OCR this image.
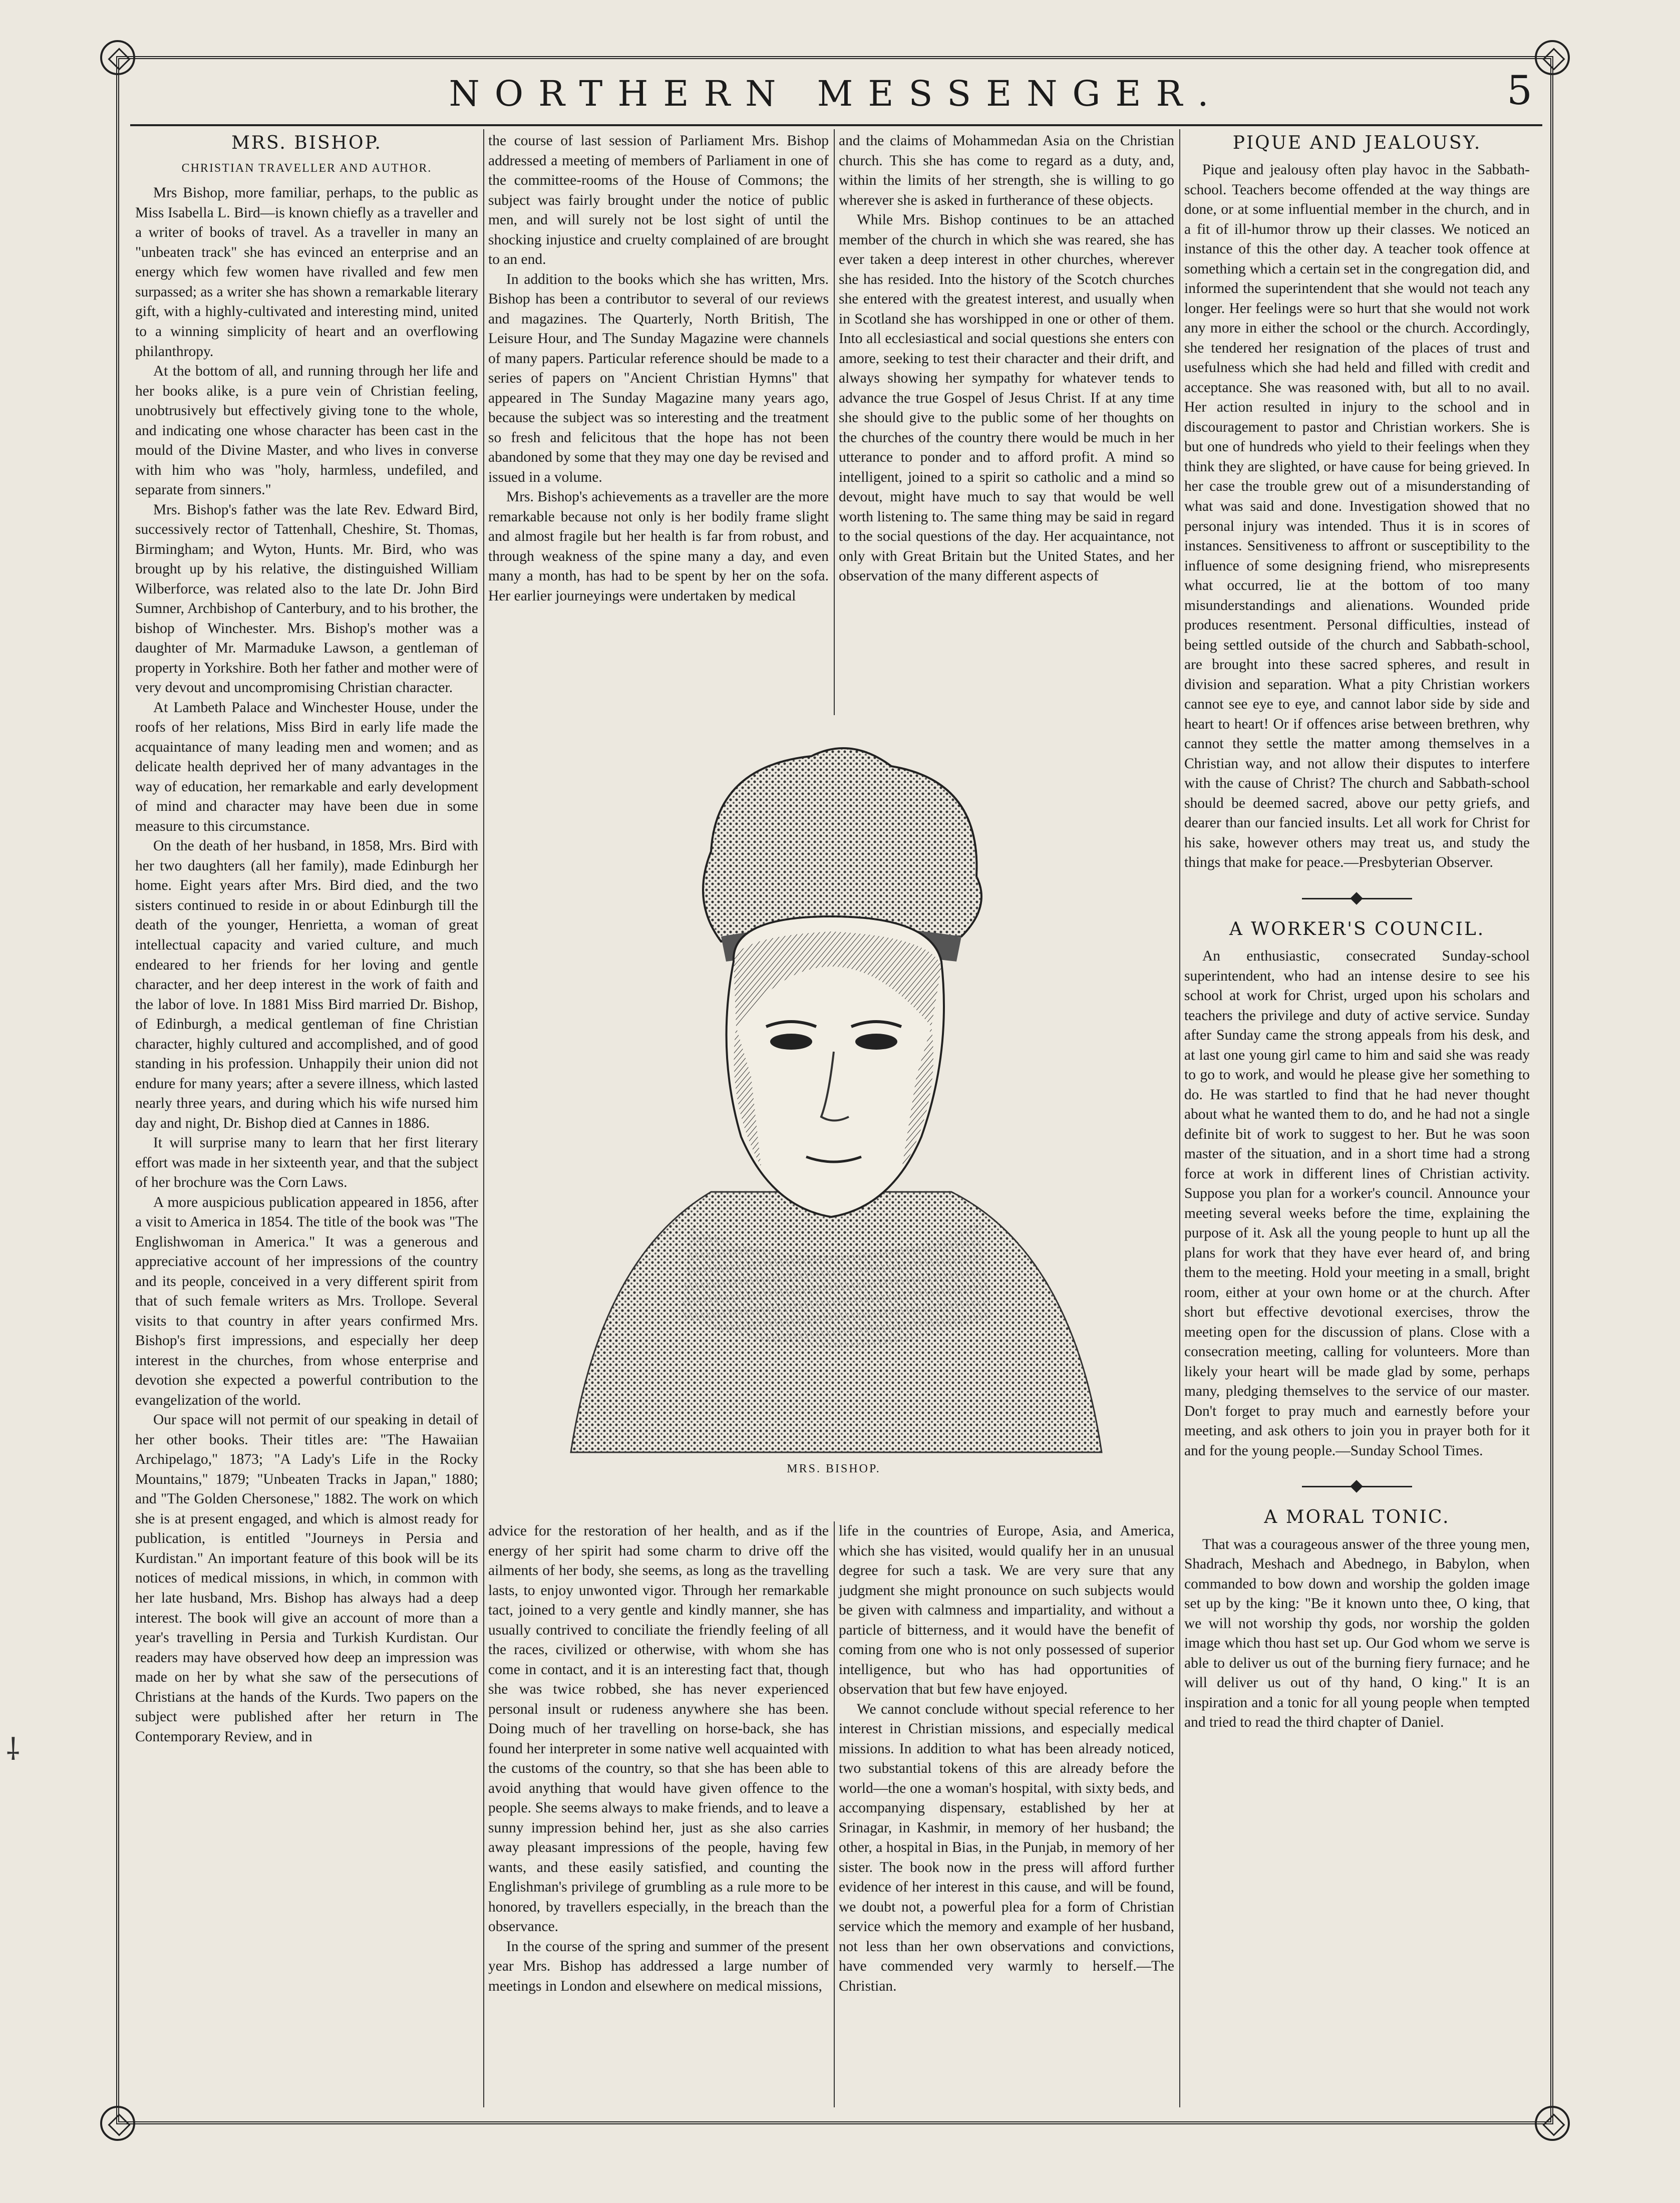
NORTHERN MESSENGER.	5
MRS. BISHOP.

CHRISTIAN TRAVELLER AND AUTHOR.

Mrs Bishop, more familiar, perhaps, to the public as Miss Isabella L. Bird—is known chiefly as a traveller and a writer of books of travel. As a traveller in many an "unbeaten track" she has evinced an enterprise and an energy which few women have rivalled and few men surpassed; as a writer she has shown a remarkable literary gift, with a highly-cultivated and interesting mind, united to a winning simplicity of heart and an overflowing philanthropy.

At the bottom of all, and running through her life and her books alike, is a pure vein of Christian feeling, unobtrusively but effectively giving tone to the whole, and indicating one whose character has been cast in the mould of the Divine Master, and who lives in converse with him who was "holy, harmless, undefiled, and separate from sinners."

Mrs. Bishop's father was the late Rev. Edward Bird, successively rector of Tattenhall, Cheshire, St. Thomas, Birmingham; and Wyton, Hunts. Mr. Bird, who was brought up by his relative, the distinguished William Wilberforce, was related also to the late Dr. John Bird Sumner, Archbishop of Canterbury, and to his brother, the bishop of Winchester. Mrs. Bishop's mother was a daughter of Mr. Marmaduke Lawson, a gentleman of property in Yorkshire. Both her father and mother were of very devout and uncompromising Christian character.

At Lambeth Palace and Winchester House, under the roofs of her relations, Miss Bird in early life made the acquaintance of many leading men and women; and as delicate health deprived her of many advantages in the way of education, her remarkable and early development of mind and character may have been due in some measure to this circumstance.

On the death of her husband, in 1858, Mrs. Bird with her two daughters (all her family), made Edinburgh her home. Eight years after Mrs. Bird died, and the two sisters continued to reside in or about Edinburgh till the death of the younger, Henrietta, a woman of great intellectual capacity and varied culture, and much endeared to her friends for her loving and gentle character, and her deep interest in the work of faith and the labor of love. In 1881 Miss Bird married Dr. Bishop, of Edinburgh, a medical gentleman of fine Christian character, highly cultured and accomplished, and of good standing in his profession. Unhappily their union did not endure for many years; after a severe illness, which lasted nearly three years, and during which his wife nursed him day and night, Dr. Bishop died at Cannes in 1886.

It will surprise many to learn that her first literary effort was made in her sixteenth year, and that the subject of her brochure was the Corn Laws.

A more auspicious publication appeared in 1856, after a visit to America in 1854. The title of the book was "The Englishwoman in America." It was a generous and appreciative account of her impressions of the country and its people, conceived in a very different spirit from that of such female writers as Mrs. Trollope. Several visits to that country in after years confirmed Mrs. Bishop's first impressions, and especially her deep interest in the churches, from whose enterprise and devotion she expected a powerful contribution to the evangelization of the world.

Our space will not permit of our speaking in detail of her other books. Their titles are: "The Hawaiian Archipelago," 1873; "A Lady's Life in the Rocky Mountains," 1879; "Unbeaten Tracks in Japan," 1880; and "The Golden Chersonese," 1882. The work on which she is at present engaged, and which is almost ready for publication, is entitled "Journeys in Persia and Kurdistan." An important feature of this book will be its notices of medical missions, in which, in common with her late husband, Mrs. Bishop has always had a deep interest. The book will give an account of more than a year's travelling in Persia and Turkish Kurdistan. Our readers may have observed how deep an impression was made on her by what she saw of the persecutions of Christians at the hands of the Kurds. Two papers on the subject were published after her return in The Contemporary Review, and in

the course of last session of Parliament Mrs. Bishop addressed a meeting of members of Parliament in one of the committee-rooms of the House of Commons; the subject was fairly brought under the notice of public men, and will surely not be lost sight of until the shocking injustice and cruelty complained of are brought to an end.

In addition to the books which she has written, Mrs. Bishop has been a contributor to several of our reviews and magazines. The Quarterly, North British, The Leisure Hour, and The Sunday Magazine were channels of many papers. Particular reference should be made to a series of papers on "Ancient Christian Hymns" that appeared in The Sunday Magazine many years ago, because the subject was so interesting and the treatment so fresh and felicitous that the hope has not been abandoned by some that they may one day be revised and issued in a volume.

Mrs. Bishop's achievements as a traveller are the more remarkable because not only is her bodily frame slight and almost fragile but her health is far from robust, and through weakness of the spine many a day, and even many a month, has had to be spent by her on the sofa. Her earlier journeyings were undertaken by medical

and the claims of Mohammedan Asia on the Christian church. This she has come to regard as a duty, and, within the limits of her strength, she is willing to go wherever she is asked in furtherance of these objects.

While Mrs. Bishop continues to be an attached member of the church in which she was reared, she has ever taken a deep interest in other churches, wherever she has resided. Into the history of the Scotch churches she entered with the greatest interest, and usually when in Scotland she has worshipped in one or other of them. Into all ecclesiastical and social questions she enters con amore, seeking to test their character and their drift, and always showing her sympathy for whatever tends to advance the true Gospel of Jesus Christ. If at any time she should give to the public some of her thoughts on the churches of the country there would be much in her utterance to ponder and to afford profit. A mind so intelligent, joined to a spirit so catholic and a mind so devout, might have much to say that would be well worth listening to. The same thing may be said in regard to the social questions of the day. Her acquaintance, not only with Great Britain but the United States, and her observation of the many different aspects of

MRS. BISHOP.

advice for the restoration of her health, and as if the energy of her spirit had some charm to drive off the ailments of her body, she seems, as long as the travelling lasts, to enjoy unwonted vigor. Through her remarkable tact, joined to a very gentle and kindly manner, she has usually contrived to conciliate the friendly feeling of all the races, civilized or otherwise, with whom she has come in contact, and it is an interesting fact that, though she was twice robbed, she has never experienced personal insult or rudeness anywhere she has been. Doing much of her travelling on horse-back, she has found her interpreter in some native well acquainted with the customs of the country, so that she has been able to avoid anything that would have given offence to the people. She seems always to make friends, and to leave a sunny impression behind her, just as she also carries away pleasant impressions of the people, having few wants, and these easily satisfied, and counting the Englishman's privilege of grumbling as a rule more to be honored, by travellers especially, in the breach than the observance.

In the course of the spring and summer of the present year Mrs. Bishop has addressed a large number of meetings in London and elsewhere on medical missions,

life in the countries of Europe, Asia, and America, which she has visited, would qualify her in an unusual degree for such a task. We are very sure that any judgment she might pronounce on such subjects would be given with calmness and impartiality, and without a particle of bitterness, and it would have the benefit of coming from one who is not only possessed of superior intelligence, but who has had opportunities of observation that but few have enjoyed.

We cannot conclude without special reference to her interest in Christian missions, and especially medical missions. In addition to what has been already noticed, two substantial tokens of this are already before the world—the one a woman's hospital, with sixty beds, and accompanying dispensary, established by her at Srinagar, in Kashmir, in memory of her husband; the other, a hospital in Bias, in the Punjab, in memory of her sister. The book now in the press will afford further evidence of her interest in this cause, and will be found, we doubt not, a powerful plea for a form of Christian service which the memory and example of her husband, not less than her own observations and convictions, have commended very warmly to herself.—The Christian.

PIQUE AND JEALOUSY.

Pique and jealousy often play havoc in the Sabbath-school. Teachers become offended at the way things are done, or at some influential member in the church, and in a fit of ill-humor throw up their classes. We noticed an instance of this the other day. A teacher took offence at something which a certain set in the congregation did, and informed the superintendent that she would not teach any longer. Her feelings were so hurt that she would not work any more in either the school or the church. Accordingly, she tendered her resignation of the places of trust and usefulness which she had held and filled with credit and acceptance. She was reasoned with, but all to no avail. Her action resulted in injury to the school and in discouragement to pastor and Christian workers. She is but one of hundreds who yield to their feelings when they think they are slighted, or have cause for being grieved. In her case the trouble grew out of a misunderstanding of what was said and done. Investigation showed that no personal injury was intended. Thus it is in scores of instances. Sensitiveness to affront or susceptibility to the influence of some designing friend, who misrepresents what occurred, lie at the bottom of too many misunderstandings and alienations. Wounded pride produces resentment. Personal difficulties, instead of being settled outside of the church and Sabbath-school, are brought into these sacred spheres, and result in division and separation. What a pity Christian workers cannot see eye to eye, and cannot labor side by side and heart to heart! Or if offences arise between brethren, why cannot they settle the matter among themselves in a Christian way, and not allow their disputes to interfere with the cause of Christ? The church and Sabbath-school should be deemed sacred, above our petty griefs, and dearer than our fancied insults. Let all work for Christ for his sake, however others may treat us, and study the things that make for peace.—Presbyterian Observer.

A WORKER'S COUNCIL.

An enthusiastic, consecrated Sunday-school superintendent, who had an intense desire to see his school at work for Christ, urged upon his scholars and teachers the privilege and duty of active service. Sunday after Sunday came the strong appeals from his desk, and at last one young girl came to him and said she was ready to go to work, and would he please give her something to do. He was startled to find that he had never thought about what he wanted them to do, and he had not a single definite bit of work to suggest to her. But he was soon master of the situation, and in a short time had a strong force at work in different lines of Christian activity. Suppose you plan for a worker's council. Announce your meeting several weeks before the time, explaining the purpose of it. Ask all the young people to hunt up all the plans for work that they have ever heard of, and bring them to the meeting. Hold your meeting in a small, bright room, either at your own home or at the church. After short but effective devotional exercises, throw the meeting open for the discussion of plans. Close with a consecration meeting, calling for volunteers. More than likely your heart will be made glad by some, perhaps many, pledging themselves to the service of our master. Don't forget to pray much and earnestly before your meeting, and ask others to join you in prayer both for it and for the young people.—Sunday School Times.

A MORAL TONIC.

That was a courageous answer of the three young men, Shadrach, Meshach and Abednego, in Babylon, when commanded to bow down and worship the golden image set up by the king: "Be it known unto thee, O king, that we will not worship thy gods, nor worship the golden image which thou hast set up. Our God whom we serve is able to deliver us out of the burning fiery furnace; and he will deliver us out of thy hand, O king." It is an inspiration and a tonic for all young people when tempted and tried to read the third chapter of Daniel.

⸸
